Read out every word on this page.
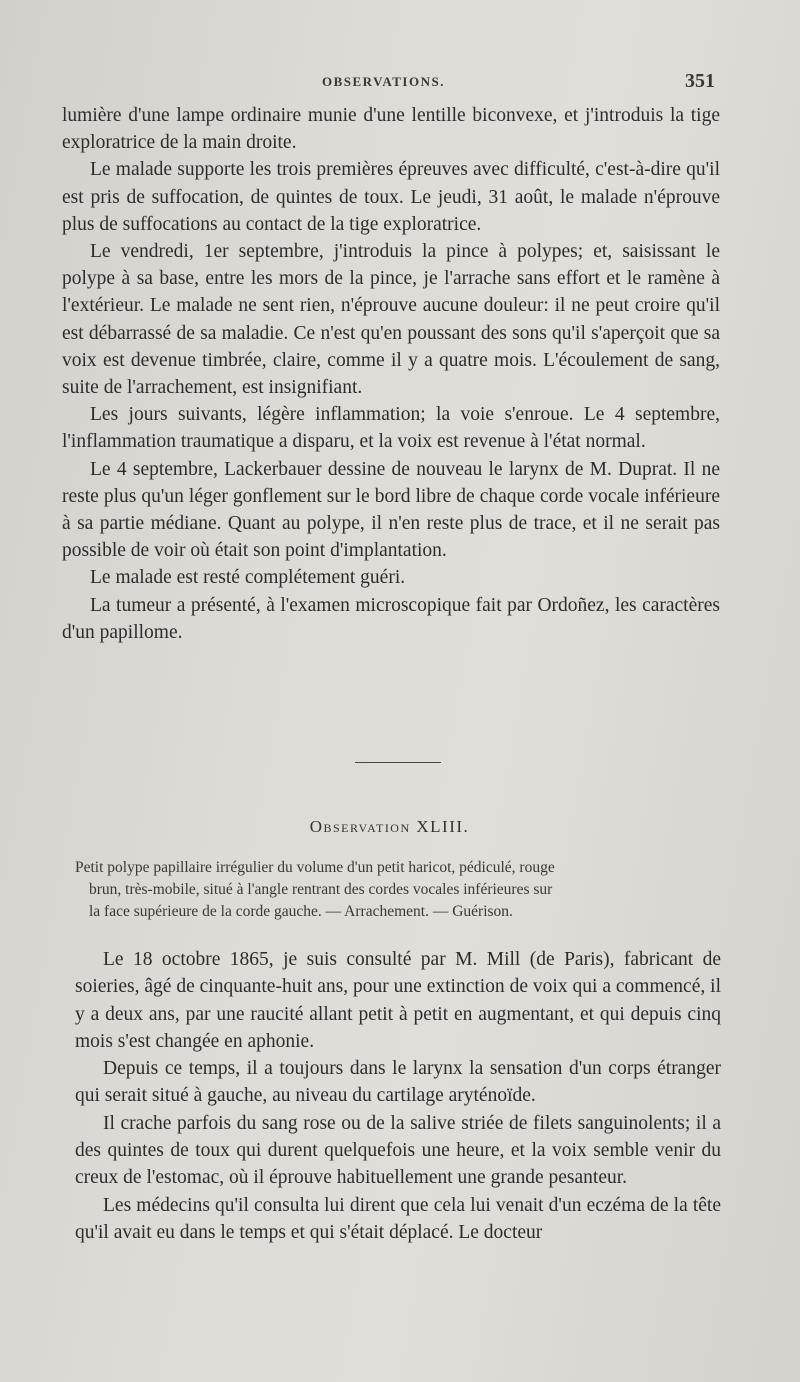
OBSERVATIONS.	351

lumière d'une lampe ordinaire munie d'une lentille biconvexe, et j'introduis la tige exploratrice de la main droite.

Le malade supporte les trois premières épreuves avec difficulté, c'est-à-dire qu'il est pris de suffocation, de quintes de toux. Le jeudi, 31 août, le malade n'éprouve plus de suffocations au contact de la tige exploratrice.

Le vendredi, 1er septembre, j'introduis la pince à polypes; et, saisissant le polype à sa base, entre les mors de la pince, je l'arrache sans effort et le ramène à l'extérieur. Le malade ne sent rien, n'éprouve aucune douleur: il ne peut croire qu'il est débarrassé de sa maladie. Ce n'est qu'en poussant des sons qu'il s'aperçoit que sa voix est devenue timbrée, claire, comme il y a quatre mois. L'écoulement de sang, suite de l'arrachement, est insignifiant.

Les jours suivants, légère inflammation; la voie s'enroue. Le 4 septembre, l'inflammation traumatique a disparu, et la voix est revenue à l'état normal.

Le 4 septembre, Lackerbauer dessine de nouveau le larynx de M. Duprat. Il ne reste plus qu'un léger gonflement sur le bord libre de chaque corde vocale inférieure à sa partie médiane. Quant au polype, il n'en reste plus de trace, et il ne serait pas possible de voir où était son point d'implantation.

Le malade est resté complétement guéri.

La tumeur a présenté, à l'examen microscopique fait par Ordoñez, les caractères d'un papillome.

Observation XLIII.
Petit polype papillaire irrégulier du volume d'un petit haricot, pédiculé, rouge
brun, très-mobile, situé à l'angle rentrant des cordes vocales inférieures sur
la face supérieure de la corde gauche. — Arrachement. — Guérison.

Le 18 octobre 1865, je suis consulté par M. Mill (de Paris), fabricant de soieries, âgé de cinquante-huit ans, pour une extinction de voix qui a commencé, il y a deux ans, par une raucité allant petit à petit en augmentant, et qui depuis cinq mois s'est changée en aphonie.

Depuis ce temps, il a toujours dans le larynx la sensation d'un corps étranger qui serait situé à gauche, au niveau du cartilage aryténoïde.

Il crache parfois du sang rose ou de la salive striée de filets sanguinolents; il a des quintes de toux qui durent quelquefois une heure, et la voix semble venir du creux de l'estomac, où il éprouve habituellement une grande pesanteur.

Les médecins qu'il consulta lui dirent que cela lui venait d'un eczéma de la tête qu'il avait eu dans le temps et qui s'était déplacé. Le docteur
